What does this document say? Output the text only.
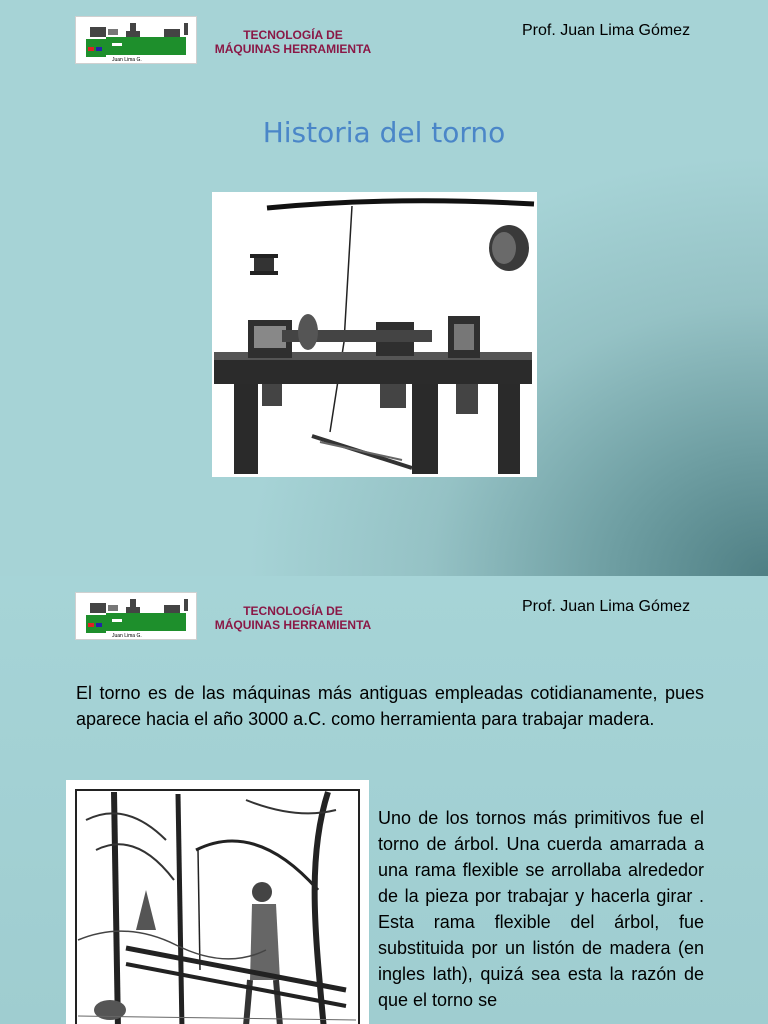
Juan Lima G.
TECNOLOGÍA DE
MÁQUINAS HERRAMIENTA
Prof. Juan Lima Gómez
Historia del torno
Juan Lima G.
TECNOLOGÍA DE
MÁQUINAS HERRAMIENTA
Prof. Juan Lima Gómez
El torno es de las máquinas más antiguas empleadas cotidianamente, pues aparece hacia el año 3000 a.C. como herramienta para trabajar madera.
Uno de los tornos más primitivos fue el torno de árbol. Una cuerda amarrada a una rama flexible se arrollaba alrededor de la pieza por trabajar y hacerla girar . Esta rama flexible del árbol, fue substituida por un listón de madera (en ingles lath), quizá sea esta la razón de que el torno se
